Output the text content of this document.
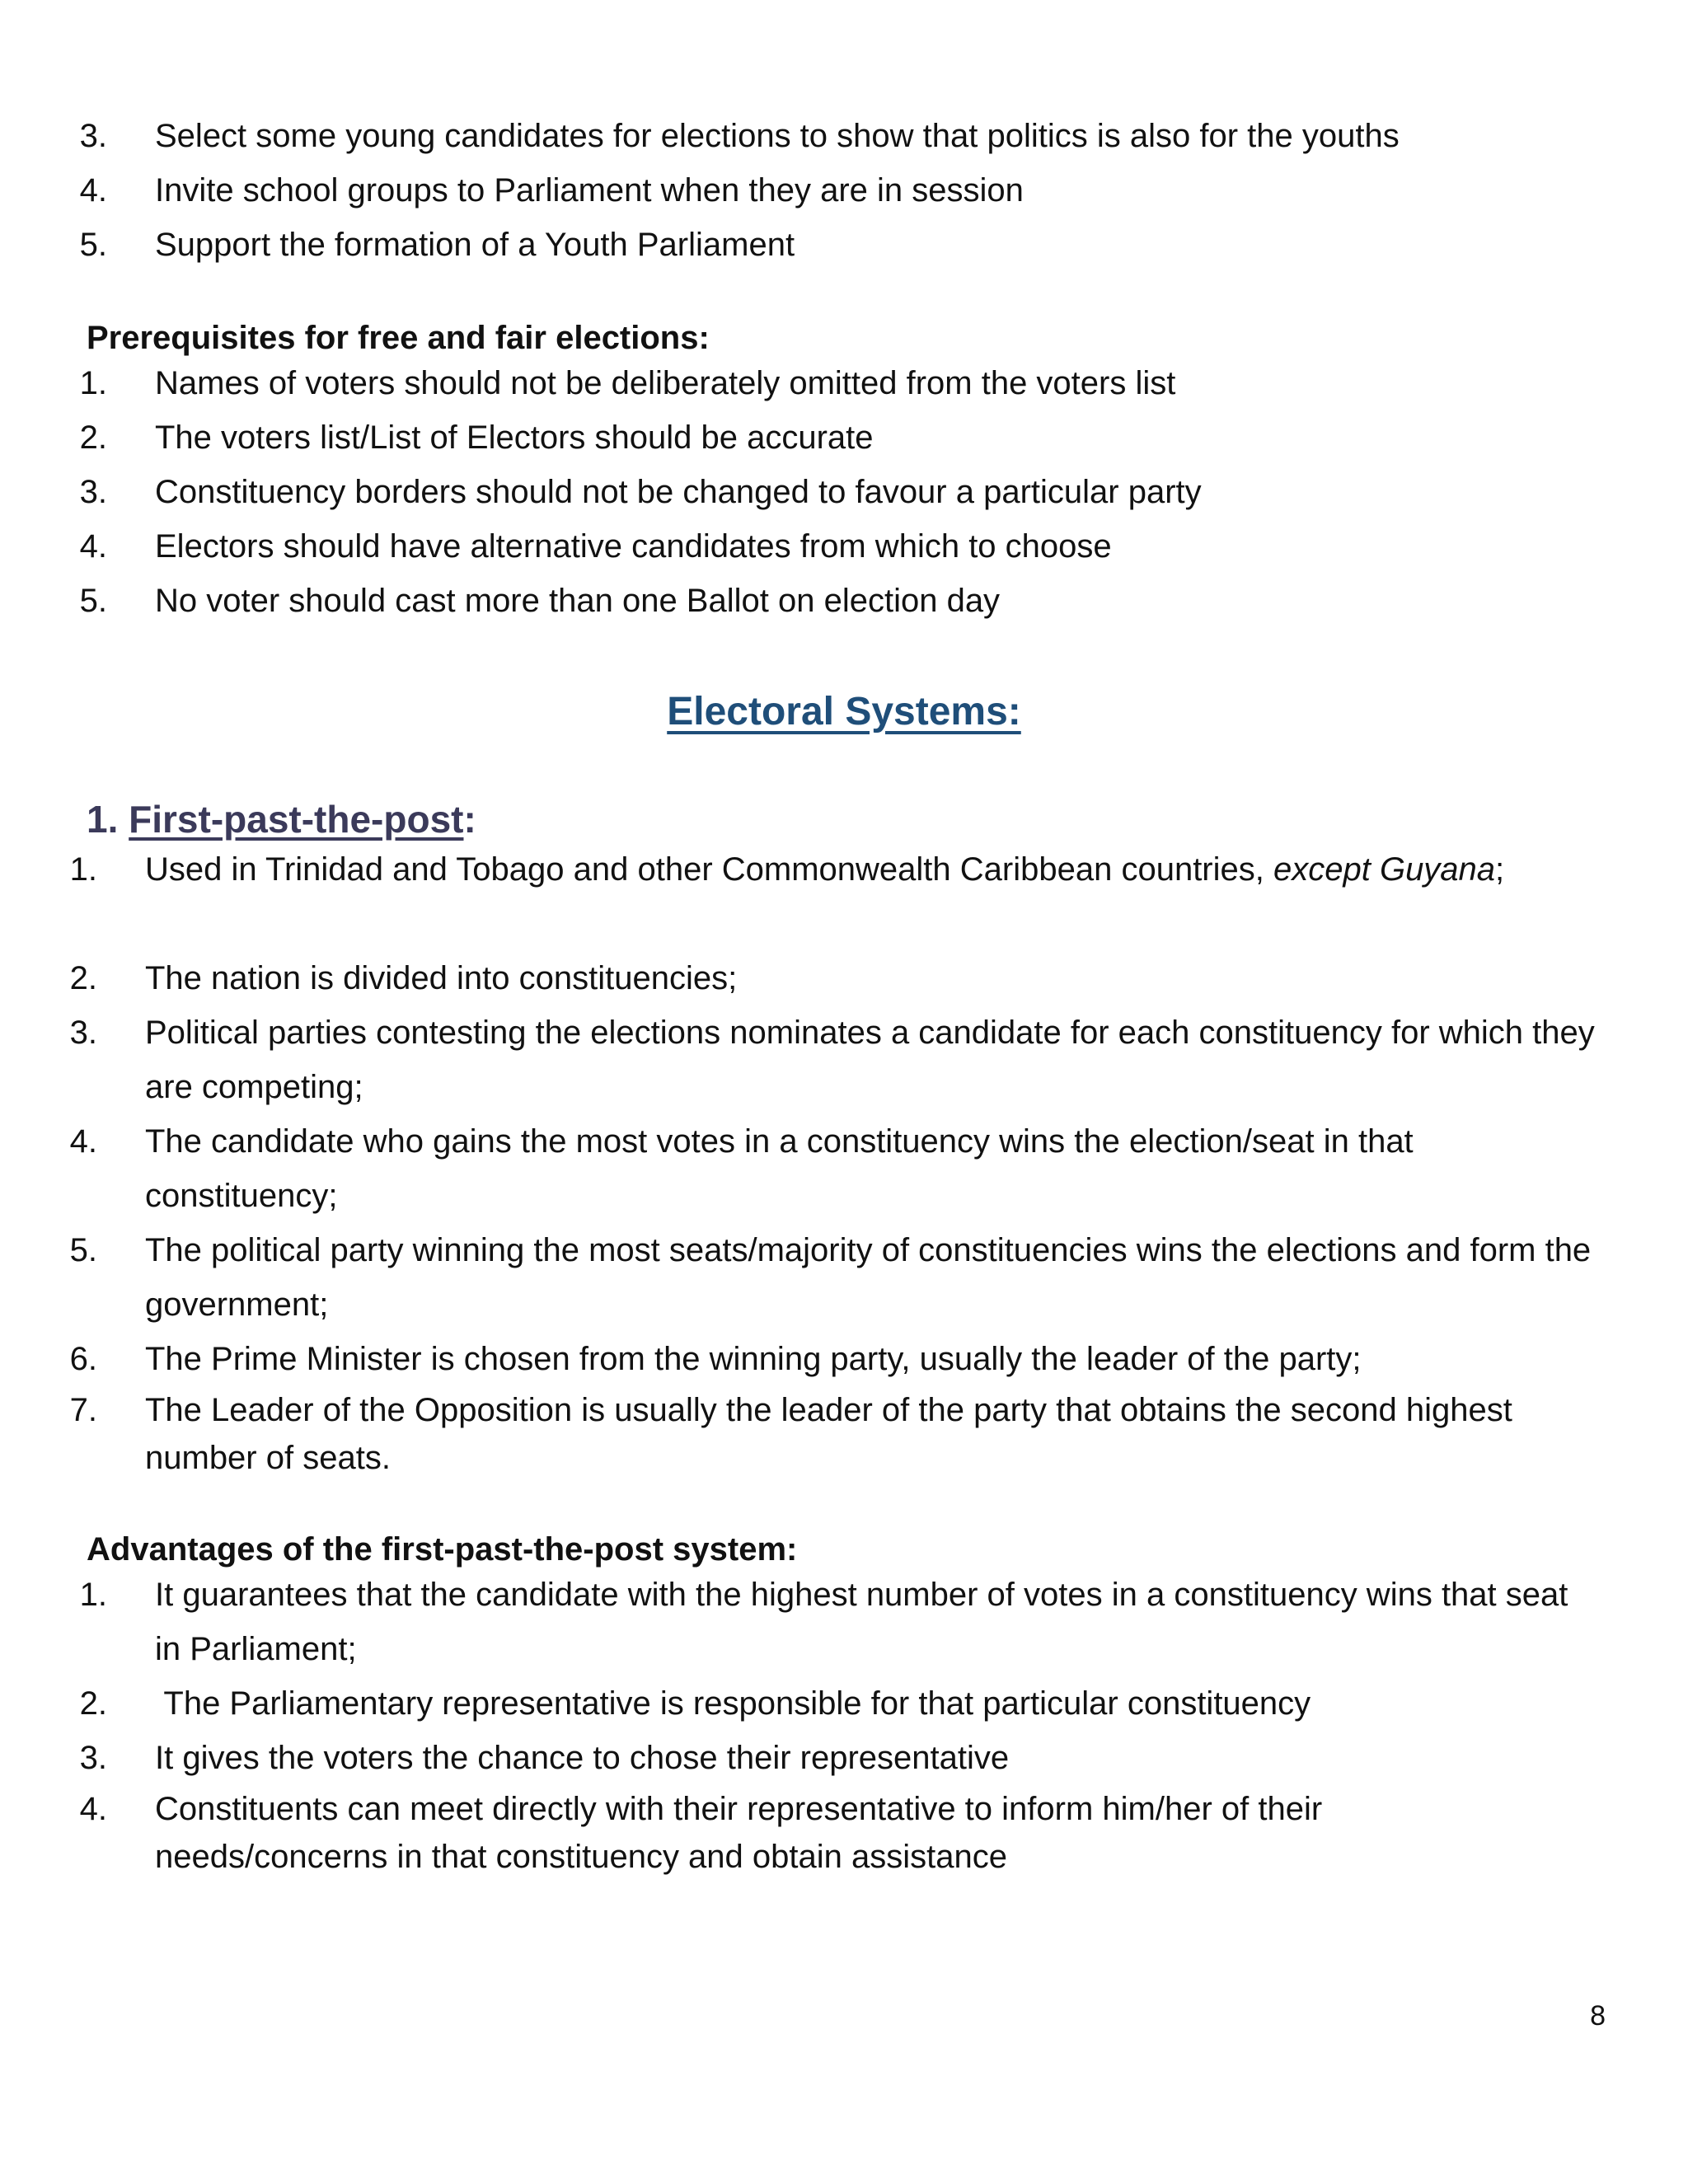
3. Select some young candidates for elections to show that politics is also for the youths
4. Invite school groups to Parliament when they are in session
5. Support the formation of a Youth Parliament
Prerequisites for free and fair elections:
1. Names of voters should not be deliberately omitted from the voters list
2. The voters list/List of Electors should be accurate
3. Constituency borders should not be changed to favour a particular party
4. Electors should have alternative candidates from which to choose
5. No voter should cast more than one Ballot on election day
Electoral Systems:
1. First-past-the-post:
1. Used in Trinidad and Tobago and other Commonwealth Caribbean countries, except Guyana;
2. The nation is divided into constituencies;
3. Political parties contesting the elections nominates a candidate for each constituency for which they are competing;
4. The candidate who gains the most votes in a constituency wins the election/seat in that constituency;
5. The political party winning the most seats/majority of constituencies wins the elections and form the government;
6. The Prime Minister is chosen from the winning party, usually the leader of the party;
7. The Leader of the Opposition is usually the leader of the party that obtains the second highest number of seats.
Advantages of the first-past-the-post system:
1. It guarantees that the candidate with the highest number of votes in a constituency wins that seat in Parliament;
2. The Parliamentary representative is responsible for that particular constituency
3. It gives the voters the chance to chose their representative
4. Constituents can meet directly with their representative to inform him/her of their needs/concerns in that constituency and obtain assistance
8
